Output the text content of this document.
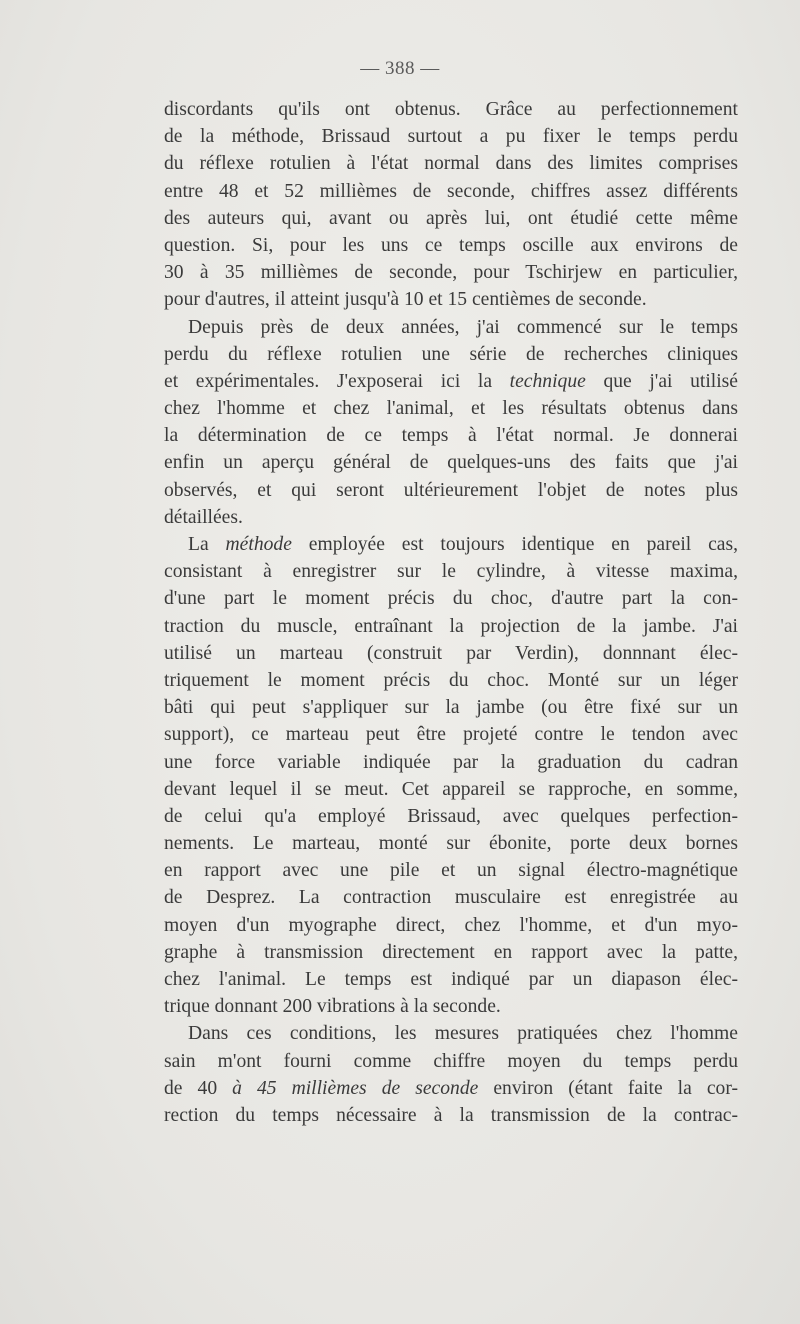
— 388 —
discordants qu'ils ont obtenus. Grâce au perfectionnement
de la méthode, Brissaud surtout a pu fixer le temps perdu
du réflexe rotulien à l'état normal dans des limites comprises
entre 48 et 52 millièmes de seconde, chiffres assez différents
des auteurs qui, avant ou après lui, ont étudié cette même
question. Si, pour les uns ce temps oscille aux environs de
30 à 35 millièmes de seconde, pour Tschirjew en particulier,
pour d'autres, il atteint jusqu'à 10 et 15 centièmes de seconde.
Depuis près de deux années, j'ai commencé sur le temps
perdu du réflexe rotulien une série de recherches cliniques
et expérimentales. J'exposerai ici la technique que j'ai utilisé
chez l'homme et chez l'animal, et les résultats obtenus dans
la détermination de ce temps à l'état normal. Je donnerai
enfin un aperçu général de quelques-uns des faits que j'ai
observés, et qui seront ultérieurement l'objet de notes plus
détaillées.
La méthode employée est toujours identique en pareil cas,
consistant à enregistrer sur le cylindre, à vitesse maxima,
d'une part le moment précis du choc, d'autre part la con-
traction du muscle, entraînant la projection de la jambe. J'ai
utilisé un marteau (construit par Verdin), donnnant élec-
triquement le moment précis du choc. Monté sur un léger
bâti qui peut s'appliquer sur la jambe (ou être fixé sur un
support), ce marteau peut être projeté contre le tendon avec
une force variable indiquée par la graduation du cadran
devant lequel il se meut. Cet appareil se rapproche, en somme,
de celui qu'a employé Brissaud, avec quelques perfection-
nements. Le marteau, monté sur ébonite, porte deux bornes
en rapport avec une pile et un signal électro-magnétique
de Desprez. La contraction musculaire est enregistrée au
moyen d'un myographe direct, chez l'homme, et d'un myo-
graphe à transmission directement en rapport avec la patte,
chez l'animal. Le temps est indiqué par un diapason élec-
trique donnant 200 vibrations à la seconde.
Dans ces conditions, les mesures pratiquées chez l'homme
sain m'ont fourni comme chiffre moyen du temps perdu
de 40 à 45 millièmes de seconde environ (étant faite la cor-
rection du temps nécessaire à la transmission de la contrac-
